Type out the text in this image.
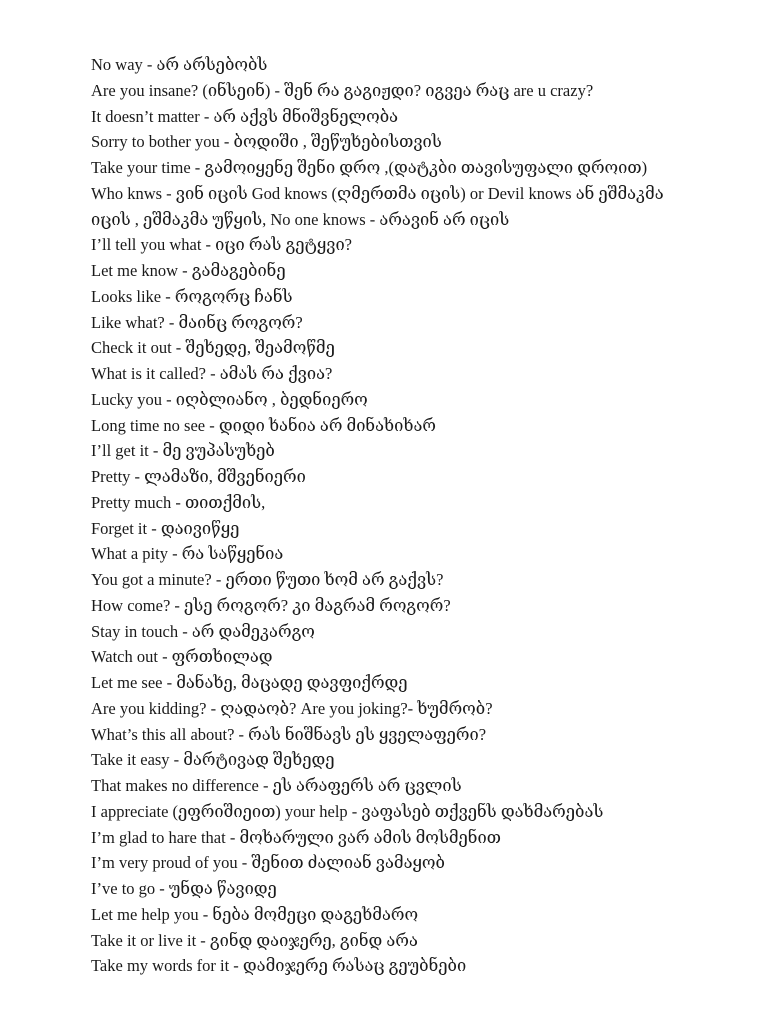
No way - არ არსებობს
Are you insane? (ინსეინ) - შენ რა გაგიჟდი? იგვეა რაც are u crazy?
It doesn’t matter - არ აქვს მნიშვნელობა
Sorry to bother you - ბოდიში , შეწუხებისთვის
Take your time - გამოიყენე შენი დრო ,(დატკბი თავისუფალი დროით)
Who knws - ვინ იცის God knows (ღმერთმა იცის) or Devil knows ან ეშმაკმა
იცის , ეშმაკმა უწყის, No one knows - არავინ არ იცის
I’ll tell you what - იცი რას გეტყვი?
Let me know - გამაგებინე
Looks like - როგორც ჩანს
Like what? - მაინც როგორ?
Check it out - შეხედე, შეამოწმე
What is it called? - ამას რა ქვია?
Lucky you - იღბლიანო , ბედნიერო
Long time no see - დიდი ხანია არ მინახიხარ
I’ll get it - მე ვუპასუხებ
Pretty - ლამაზი, მშვენიერი
Pretty much - თითქმის,
Forget it - დაივიწყე
What a pity - რა საწყენია
You got a minute? - ერთი წუთი ხომ არ გაქვს?
How come? - ესე როგორ? კი მაგრამ როგორ?
Stay in touch - არ დამეკარგო
Watch out - ფრთხილად
Let me see - მანახე, მაცადე დავფიქრდე
Are you kidding? - ღადაობ? Are you joking?- ხუმრობ?
What’s this all about? - რას ნიშნავს ეს ყველაფერი?
Take it easy - მარტივად შეხედე
That makes no difference - ეს არაფერს არ ცვლის
I appreciate (ეფრიშიეით) your help - ვაფასებ თქვენს დახმარებას
I’m glad to hare that - მოხარული ვარ ამის მოსმენით
I’m very proud of you - შენით ძალიან ვამაყობ
I’ve to go - უნდა წავიდე
Let me help you - ნება მომეცი დაგეხმარო
Take it or live it - გინდ დაიჯერე, გინდ არა
Take my words for it - დამიჯერე რასაც გეუბნები
